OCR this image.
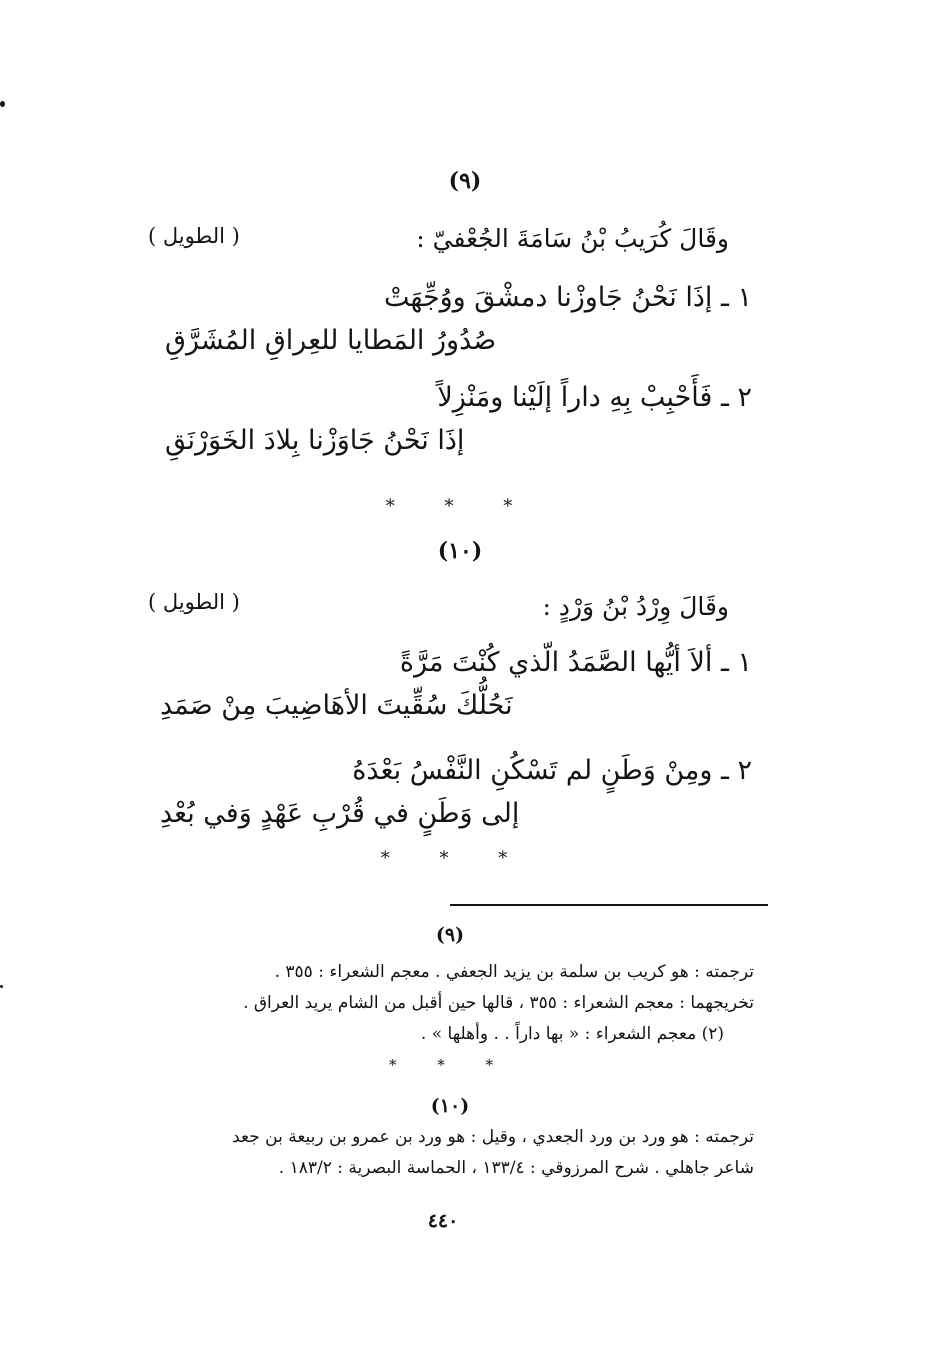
(٩)
وقَالَ كُرَيبُ بْنُ سَامَةَ الجُعْفيّ :
( الطويل )
١ ـ إذَا نَحْنُ جَاوزْنا دمشْقَ ووُجِّهَتْ
صُدُورُ المَطايا للعِراقِ المُشَرَّقِ
٢ ـ فَأَحْبِبْ بِهِ داراً إلَيْنا ومَنْزِلاً
إذَا نَحْنُ جَاوَزْنا بِلادَ الخَوَرْنَقِ
* * *
(١٠)
وقَالَ وِرْدُ بْنُ وَرْدٍ :
( الطويل )
١ ـ ألاَ أيُّها الصَّمَدُ الّذي كُنْتَ مَرَّةً
نَحُلُّكَ سُقِّيتَ الأهَاضِيبَ مِنْ صَمَدِ
٢ ـ ومِنْ وَطَنٍ لم تَسْكُنِ النَّفْسُ بَعْدَهُ
إلى وَطَنٍ في قُرْبِ عَهْدٍ وَفي بُعْدِ
* * *
(٩)
ترجمته : هو كريب بن سلمة بن يزيد الجعفي . معجم الشعراء : ٣٥٥ .
تخريجهما : معجم الشعراء : ٣٥٥ ، قالها حين أقبل من الشام يريد العراق .
(٢) معجم الشعراء : « بها داراً . . وأهلها » .
* * *
(١٠)
ترجمته : هو ورد بن ورد الجعدي ، وقيل : هو ورد بن عمرو بن ربيعة بن جعد
شاعر جاهلي . شرح المرزوقي : ١٣٣/٤ ، الحماسة البصرية : ١٨٣/٢ .
٤٤٠
